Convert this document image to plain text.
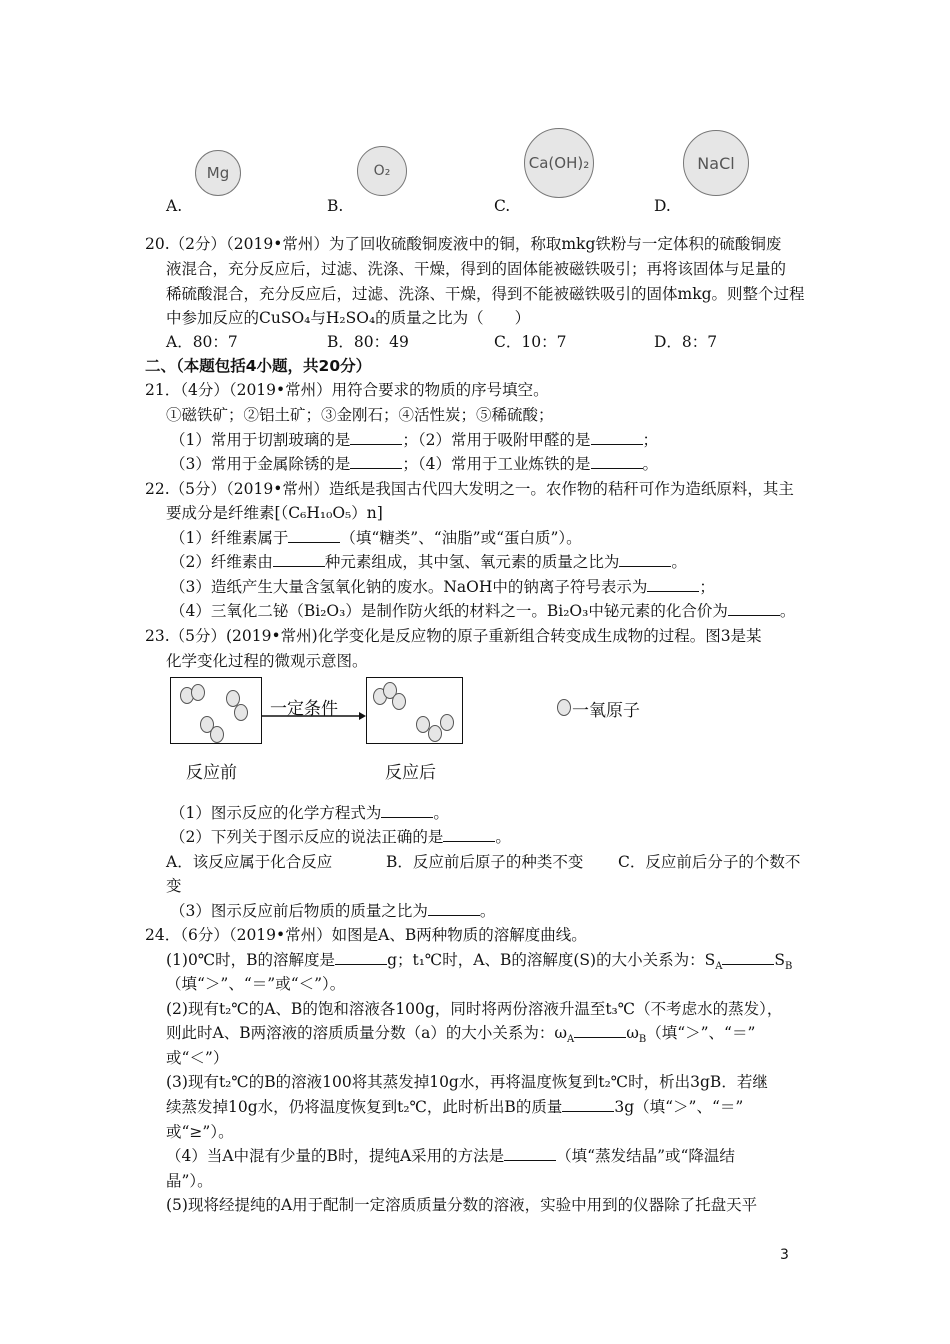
Mg	O₂	Ca(OH)₂	NaCl
A.	B.	C.	D.
20.（2分）（2019•常州）为了回收硫酸铜废液中的铜，称取mkg铁粉与一定体积的硫酸铜废
液混合，充分反应后，过滤、洗涤、干燥，得到的固体能被磁铁吸引；再将该固体与足量的
稀硫酸混合，充分反应后，过滤、洗涤、干燥，得到不能被磁铁吸引的固体mkg。则整个过程
中参加反应的CuSO₄与H₂SO₄的质量之比为（　　）
A．80：7	B．80：49	C．10：7	D．8：7
二、（本题包括4小题，共20分）
21．（4分）（2019•常州）用符合要求的物质的序号填空。
①磁铁矿；②铝土矿；③金刚石；④活性炭；⑤稀硫酸；
（1）常用于切割玻璃的是	；（2）常用于吸附甲醛的是	；
（3）常用于金属除锈的是	；（4）常用于工业炼铁的是	。
22.（5分）（2019•常州）造纸是我国古代四大发明之一。农作物的秸秆可作为造纸原料，其主
要成分是纤维素[（C₆H₁₀O₅）n]
（1）纤维素属于	（填“糖类”、“油脂”或“蛋白质”）。
（2）纤维素由	种元素组成，其中氢、氧元素的质量之比为	。
（3）造纸产生大量含氢氧化钠的废水。NaOH中的钠离子符号表示为	；
（4）三氧化二铋（Bi₂O₃）是制作防火纸的材料之一。Bi₂O₃中铋元素的化合价为	。
23.（5分）(2019•常州)化学变化是反应物的原子重新组合转变成生成物的过程。图3是某
化学变化过程的微观示意图。
一定条件	一氧原子
反应前	反应后
（1）图示反应的化学方程式为	。
（2）下列关于图示反应的说法正确的是	。
A．该反应属于化合反应	B．反应前后原子的种类不变 C．反应前后分子的个数不
变
（3）图示反应前后物质的质量之比为	。
24．（6分）（2019•常州）如图是A、B两种物质的溶解度曲线。
(1)0℃时，B的溶解度是	g；t₁℃时，A、B的溶解度(S)的大小关系为：$S_A$	$S_B$
（填“＞”、“＝”或“＜”）。
(2)现有t₂℃的A、B的饱和溶液各100g，同时将两份溶液升温至t₃℃（不考虑水的蒸发），
则此时A、B两溶液的溶质质量分数（a）的大小关系为：$\omega_A$	$\omega_B$（填“＞”、“＝”
或“＜”）
(3)现有t₂℃的B的溶液100将其蒸发掉10g水，再将温度恢复到t₂℃时，析出3gB．若继
续蒸发掉10g水，仍将温度恢复到t₂℃，此时析出B的质量	3g（填“＞”、“＝”
或“≥”）。
（4）当A中混有少量的B时，提纯A采用的方法是	（填“蒸发结晶”或“降温结
晶”）。
(5)现将经提纯的A用于配制一定溶质质量分数的溶液，实验中用到的仪器除了托盘天平
3
